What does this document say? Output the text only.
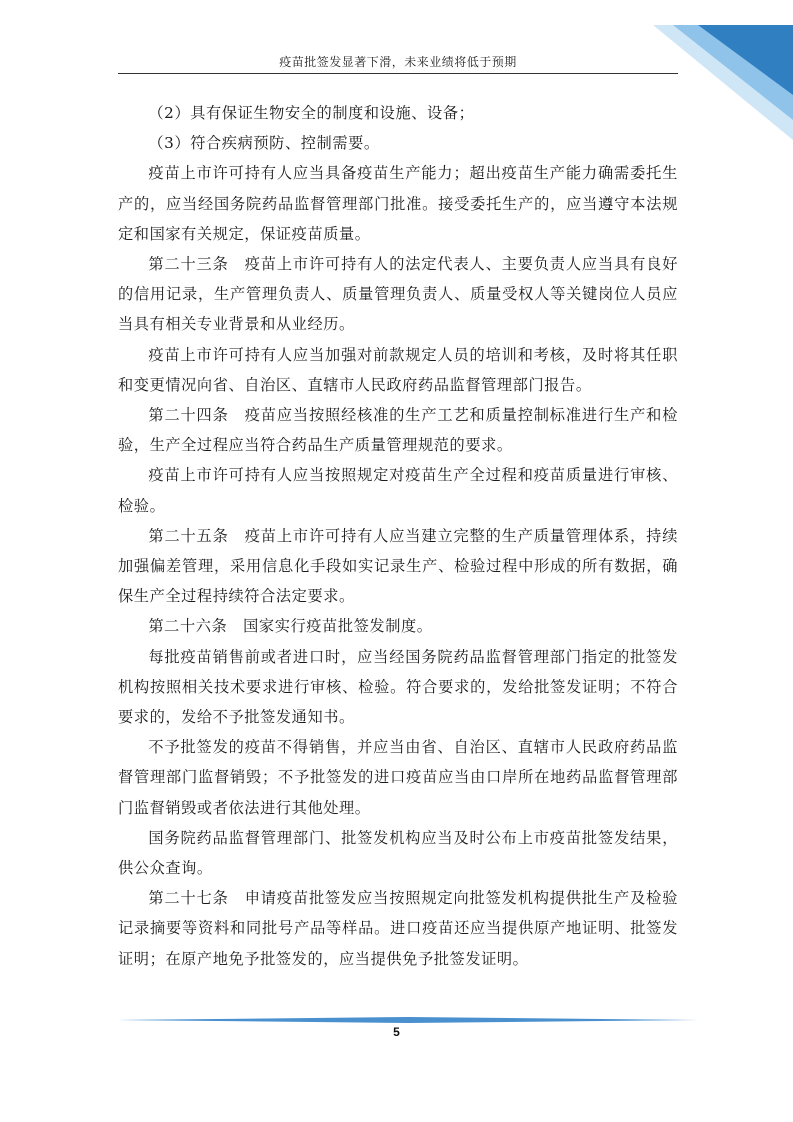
疫苗批签发显著下滑，未来业绩将低于预期

（2）具有保证生物安全的制度和设施、设备；

（3）符合疾病预防、控制需要。

疫苗上市许可持有人应当具备疫苗生产能力；超出疫苗生产能力确需委托生产的，应当经国务院药品监督管理部门批准。接受委托生产的，应当遵守本法规定和国家有关规定，保证疫苗质量。

第二十三条　疫苗上市许可持有人的法定代表人、主要负责人应当具有良好的信用记录，生产管理负责人、质量管理负责人、质量受权人等关键岗位人员应当具有相关专业背景和从业经历。

疫苗上市许可持有人应当加强对前款规定人员的培训和考核，及时将其任职和变更情况向省、自治区、直辖市人民政府药品监督管理部门报告。

第二十四条　疫苗应当按照经核准的生产工艺和质量控制标准进行生产和检验，生产全过程应当符合药品生产质量管理规范的要求。

疫苗上市许可持有人应当按照规定对疫苗生产全过程和疫苗质量进行审核、检验。

第二十五条　疫苗上市许可持有人应当建立完整的生产质量管理体系，持续加强偏差管理，采用信息化手段如实记录生产、检验过程中形成的所有数据，确保生产全过程持续符合法定要求。

第二十六条　国家实行疫苗批签发制度。

每批疫苗销售前或者进口时，应当经国务院药品监督管理部门指定的批签发机构按照相关技术要求进行审核、检验。符合要求的，发给批签发证明；不符合要求的，发给不予批签发通知书。

不予批签发的疫苗不得销售，并应当由省、自治区、直辖市人民政府药品监督管理部门监督销毁；不予批签发的进口疫苗应当由口岸所在地药品监督管理部门监督销毁或者依法进行其他处理。

国务院药品监督管理部门、批签发机构应当及时公布上市疫苗批签发结果，供公众查询。

第二十七条　申请疫苗批签发应当按照规定向批签发机构提供批生产及检验记录摘要等资料和同批号产品等样品。进口疫苗还应当提供原产地证明、批签发证明；在原产地免予批签发的，应当提供免予批签发证明。

5
